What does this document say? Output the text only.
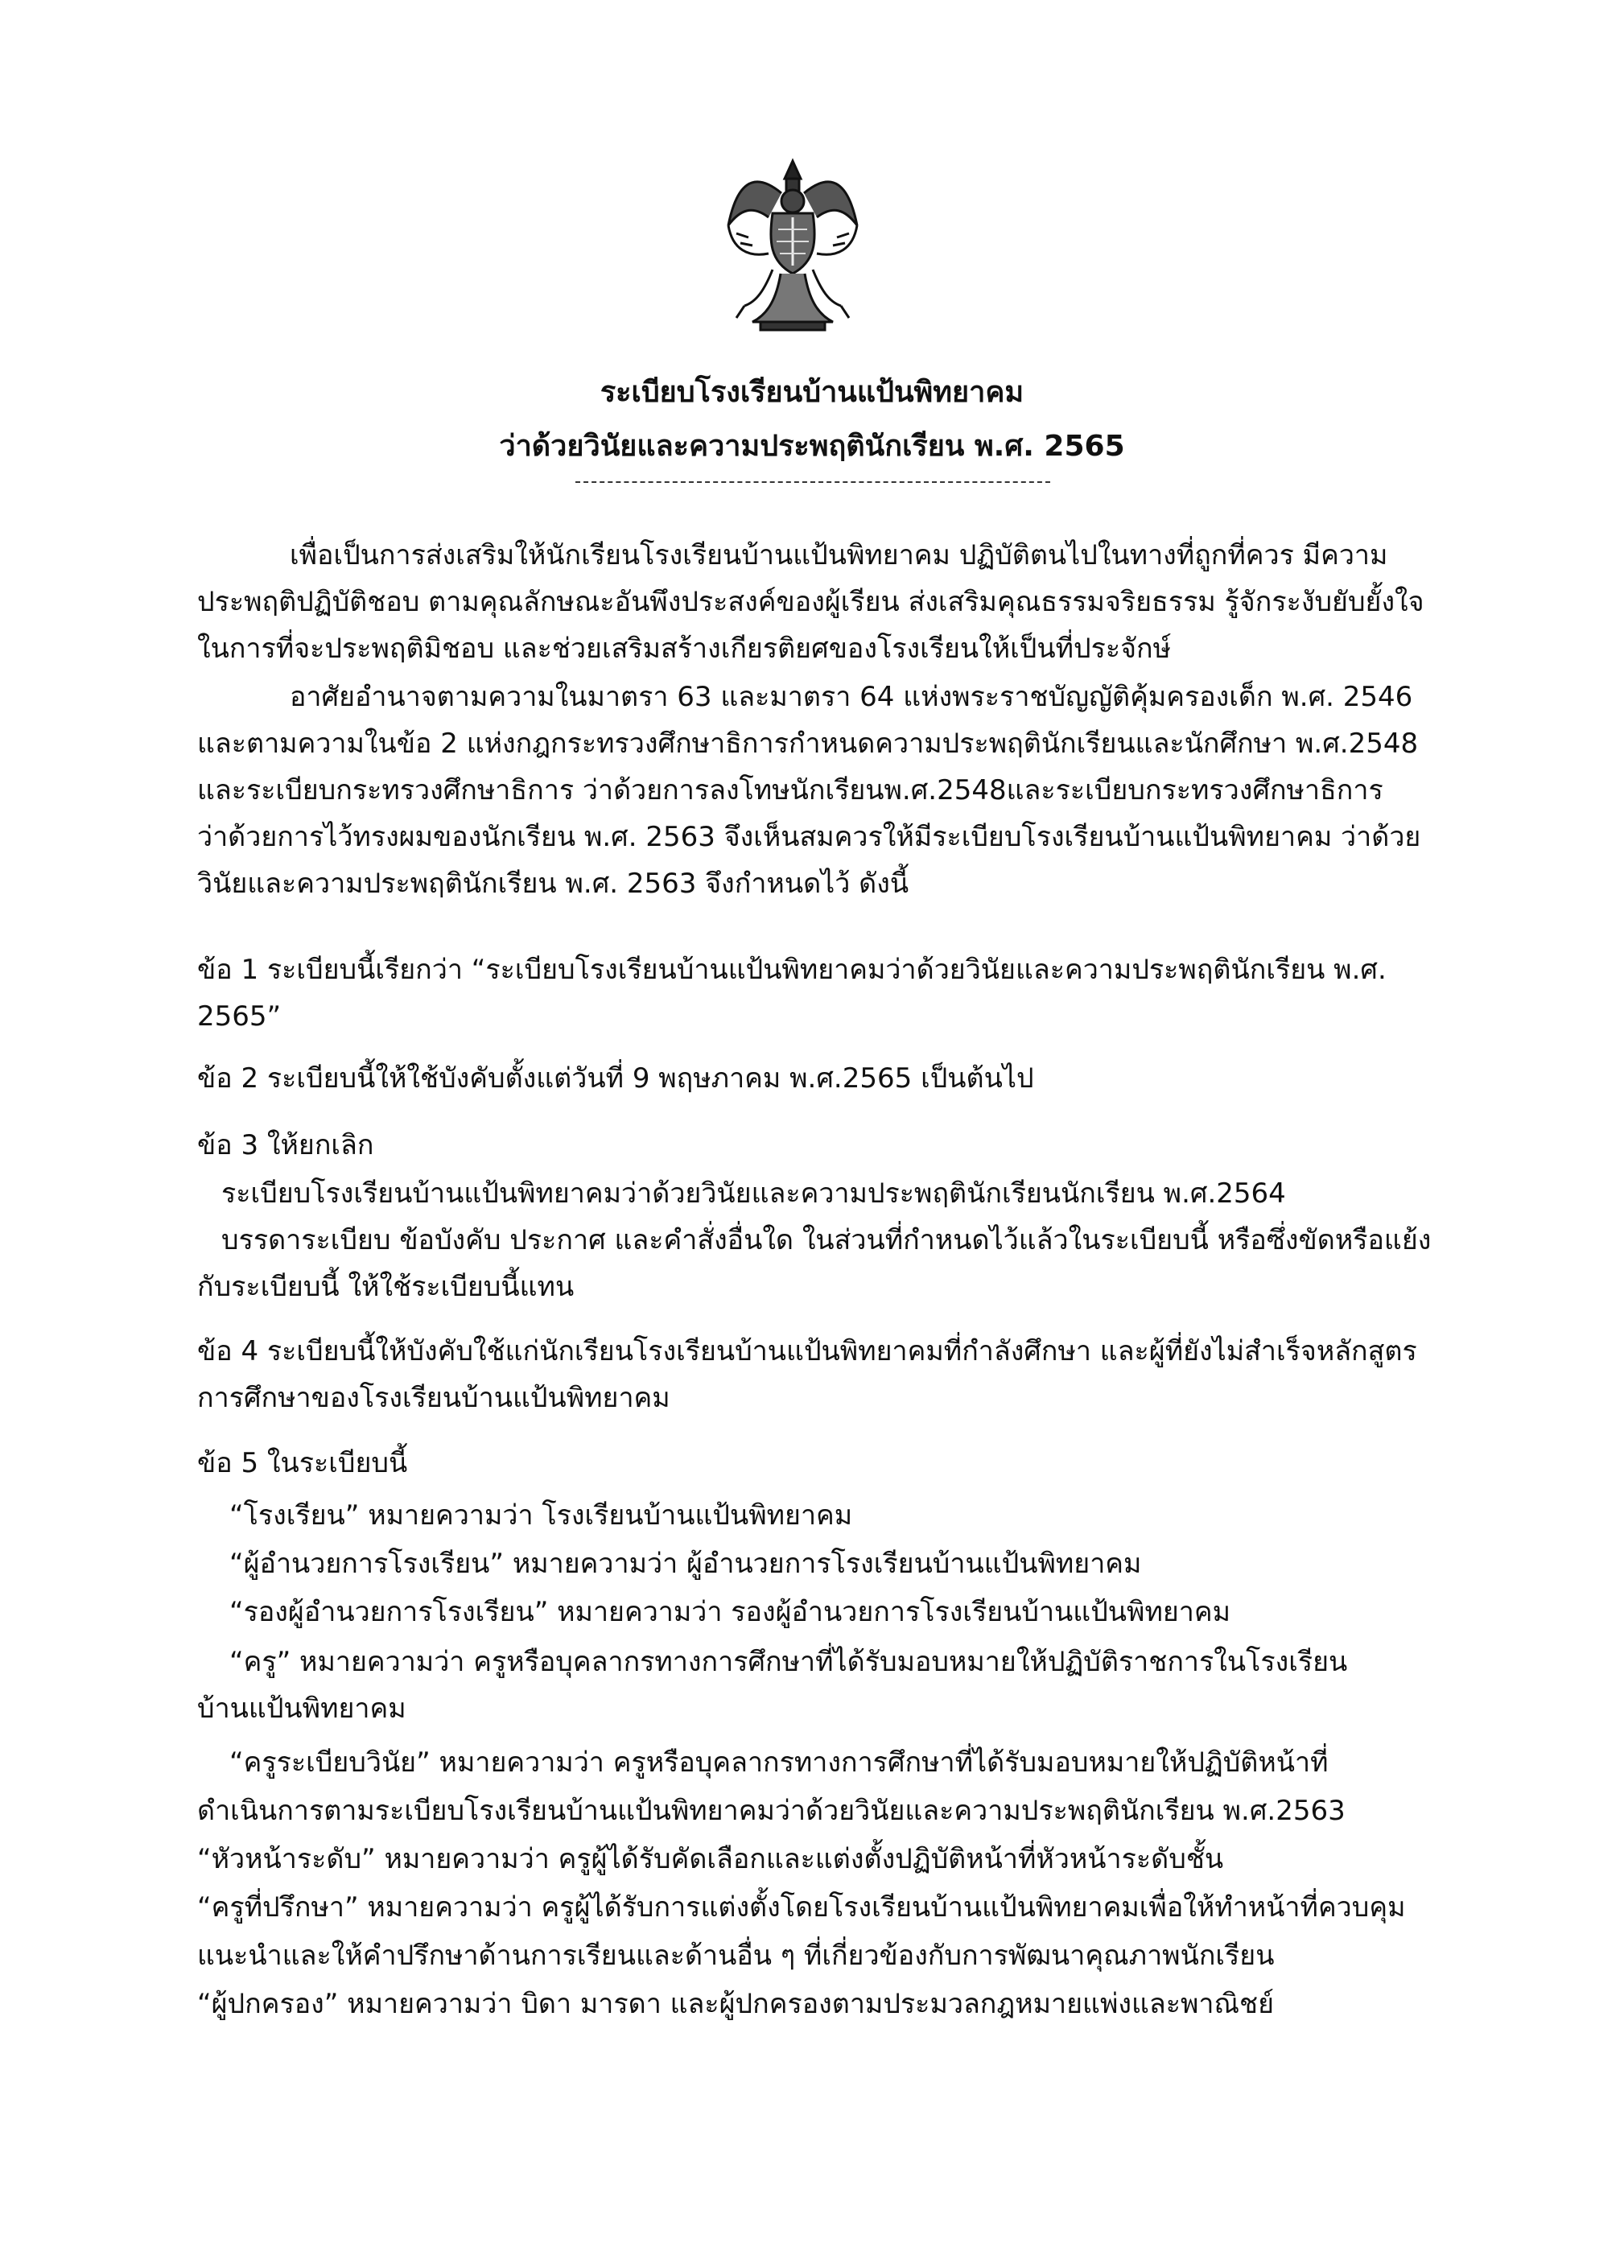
ระเบียบโรงเรียนบ้านแป้นพิทยาคม
ว่าด้วยวินัยและความประพฤตินักเรียน พ.ศ. 2565
เพื่อเป็นการส่งเสริมให้นักเรียนโรงเรียนบ้านแป้นพิทยาคม ปฏิบัติตนไปในทางที่ถูกที่ควร มีความ
ประพฤติปฏิบัติชอบ ตามคุณลักษณะอันพึงประสงค์ของผู้เรียน ส่งเสริมคุณธรรมจริยธรรม รู้จักระงับยับยั้งใจ
ในการที่จะประพฤติมิชอบ และช่วยเสริมสร้างเกียรติยศของโรงเรียนให้เป็นที่ประจักษ์
อาศัยอำนาจตามความในมาตรา 63 และมาตรา 64 แห่งพระราชบัญญัติคุ้มครองเด็ก พ.ศ. 2546
และตามความในข้อ 2 แห่งกฎกระทรวงศึกษาธิการกำหนดความประพฤตินักเรียนและนักศึกษา พ.ศ.2548
และระเบียบกระทรวงศึกษาธิการ ว่าด้วยการลงโทษนักเรียนพ.ศ.2548และระเบียบกระทรวงศึกษาธิการ
ว่าด้วยการไว้ทรงผมของนักเรียน พ.ศ. 2563 จึงเห็นสมควรให้มีระเบียบโรงเรียนบ้านแป้นพิทยาคม ว่าด้วย
วินัยและความประพฤตินักเรียน พ.ศ. 2563 จึงกำหนดไว้ ดังนี้
ข้อ 1 ระเบียบนี้เรียกว่า “ระเบียบโรงเรียนบ้านแป้นพิทยาคมว่าด้วยวินัยและความประพฤตินักเรียน พ.ศ.
2565”
ข้อ 2 ระเบียบนี้ให้ใช้บังคับตั้งแต่วันที่ 9 พฤษภาคม พ.ศ.2565 เป็นต้นไป
ข้อ 3 ให้ยกเลิก
ระเบียบโรงเรียนบ้านแป้นพิทยาคมว่าด้วยวินัยและความประพฤตินักเรียนนักเรียน พ.ศ.2564
บรรดาระเบียบ ข้อบังคับ ประกาศ และคำสั่งอื่นใด ในส่วนที่กำหนดไว้แล้วในระเบียบนี้ หรือซึ่งขัดหรือแย้ง
กับระเบียบนี้ ให้ใช้ระเบียบนี้แทน
ข้อ 4 ระเบียบนี้ให้บังคับใช้แก่นักเรียนโรงเรียนบ้านแป้นพิทยาคมที่กำลังศึกษา และผู้ที่ยังไม่สำเร็จหลักสูตร
การศึกษาของโรงเรียนบ้านแป้นพิทยาคม
ข้อ 5 ในระเบียบนี้
“โรงเรียน” หมายความว่า โรงเรียนบ้านแป้นพิทยาคม
“ผู้อำนวยการโรงเรียน” หมายความว่า ผู้อำนวยการโรงเรียนบ้านแป้นพิทยาคม
“รองผู้อำนวยการโรงเรียน” หมายความว่า รองผู้อำนวยการโรงเรียนบ้านแป้นพิทยาคม
“ครู” หมายความว่า ครูหรือบุคลากรทางการศึกษาที่ได้รับมอบหมายให้ปฏิบัติราชการในโรงเรียน
บ้านแป้นพิทยาคม
“ครูระเบียบวินัย” หมายความว่า ครูหรือบุคลากรทางการศึกษาที่ได้รับมอบหมายให้ปฏิบัติหน้าที่
ดำเนินการตามระเบียบโรงเรียนบ้านแป้นพิทยาคมว่าด้วยวินัยและความประพฤตินักเรียน พ.ศ.2563
“หัวหน้าระดับ” หมายความว่า ครูผู้ได้รับคัดเลือกและแต่งตั้งปฏิบัติหน้าที่หัวหน้าระดับชั้น
“ครูที่ปรึกษา” หมายความว่า ครูผู้ได้รับการแต่งตั้งโดยโรงเรียนบ้านแป้นพิทยาคมเพื่อให้ทำหน้าที่ควบคุม
แนะนำและให้คำปรึกษาด้านการเรียนและด้านอื่น ๆ ที่เกี่ยวข้องกับการพัฒนาคุณภาพนักเรียน
“ผู้ปกครอง” หมายความว่า บิดา มารดา และผู้ปกครองตามประมวลกฎหมายแพ่งและพาณิชย์
